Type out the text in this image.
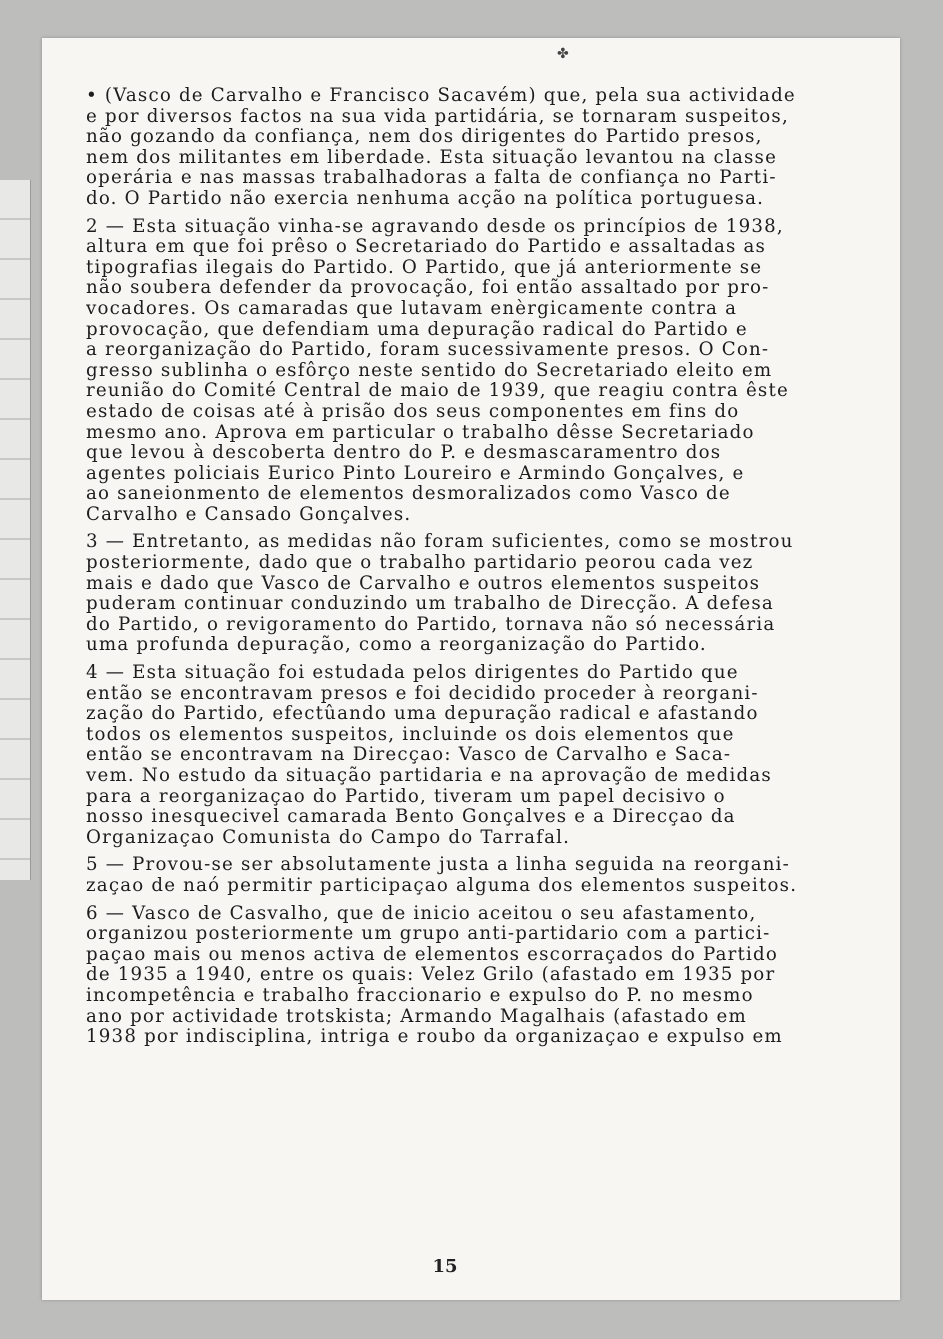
✤
• (Vasco de Carvalho e Francisco Sacavém) que, pela sua actividade
e por diversos factos na sua vida partidária, se tornaram suspeitos,
não gozando da confiança, nem dos dirigentes do Partido presos,
nem dos militantes em liberdade. Esta situação levantou na classe
operária e nas massas trabalhadoras a falta de confiança no Parti-
do. O Partido não exercia nenhuma acção na política portuguesa.
2 — Esta situação vinha-se agravando desde os princípios de 1938,
altura em que foi prêso o Secretariado do Partido e assaltadas as
tipografias ilegais do Partido. O Partido, que já anteriormente se
não soubera defender da provocação, foi então assaltado por pro-
vocadores. Os camaradas que lutavam enèrgicamente contra a
provocação, que defendiam uma depuração radical do Partido e
a reorganização do Partido, foram sucessivamente presos. O Con-
gresso sublinha o esfôrço neste sentido do Secretariado eleito em
reunião do Comité Central de maio de 1939, que reagiu contra êste
estado de coisas até à prisão dos seus componentes em fins do
mesmo ano. Aprova em particular o trabalho dêsse Secretariado
que levou à descoberta dentro do P. e desmascaramentro dos
agentes policiais Eurico Pinto Loureiro e Armindo Gonçalves, e
ao saneionmento de elementos desmoralizados como Vasco de
Carvalho e Cansado Gonçalves.
3 — Entretanto, as medidas não foram suficientes, como se mostrou
posteriormente, dado que o trabalho partidario peorou cada vez
mais e dado que Vasco de Carvalho e outros elementos suspeitos
puderam continuar conduzindo um trabalho de Direcção. A defesa
do Partido, o revigoramento do Partido, tornava não só necessária
uma profunda depuração, como a reorganização do Partido.
4 — Esta situação foi estudada pelos dirigentes do Partido que
então se encontravam presos e foi decidido proceder à reorgani-
zação do Partido, efectûando uma depuração radical e afastando
todos os elementos suspeitos, incluinde os dois elementos que
então se encontravam na Direcçao: Vasco de Carvalho e Saca-
vem. No estudo da situação partidaria e na aprovação de medidas
para a reorganizaçao do Partido, tiveram um papel decisivo o
nosso inesquecivel camarada Bento Gonçalves e a Direcçao da
Organizaçao Comunista do Campo do Tarrafal.
5 — Provou-se ser absolutamente justa a linha seguida na reorgani-
zaçao de naó permitir participaçao alguma dos elementos suspeitos.
6 — Vasco de Casvalho, que de inicio aceitou o seu afastamento,
organizou posteriormente um grupo anti-partidario com a partici-
paçao mais ou menos activa de elementos escorraçados do Partido
de 1935 a 1940, entre os quais: Velez Grilo (afastado em 1935 por
incompetência e trabalho fraccionario e expulso do P. no mesmo
ano por actividade trotskista; Armando Magalhais (afastado em
1938 por indisciplina, intriga e roubo da organizaçao e expulso em
15
